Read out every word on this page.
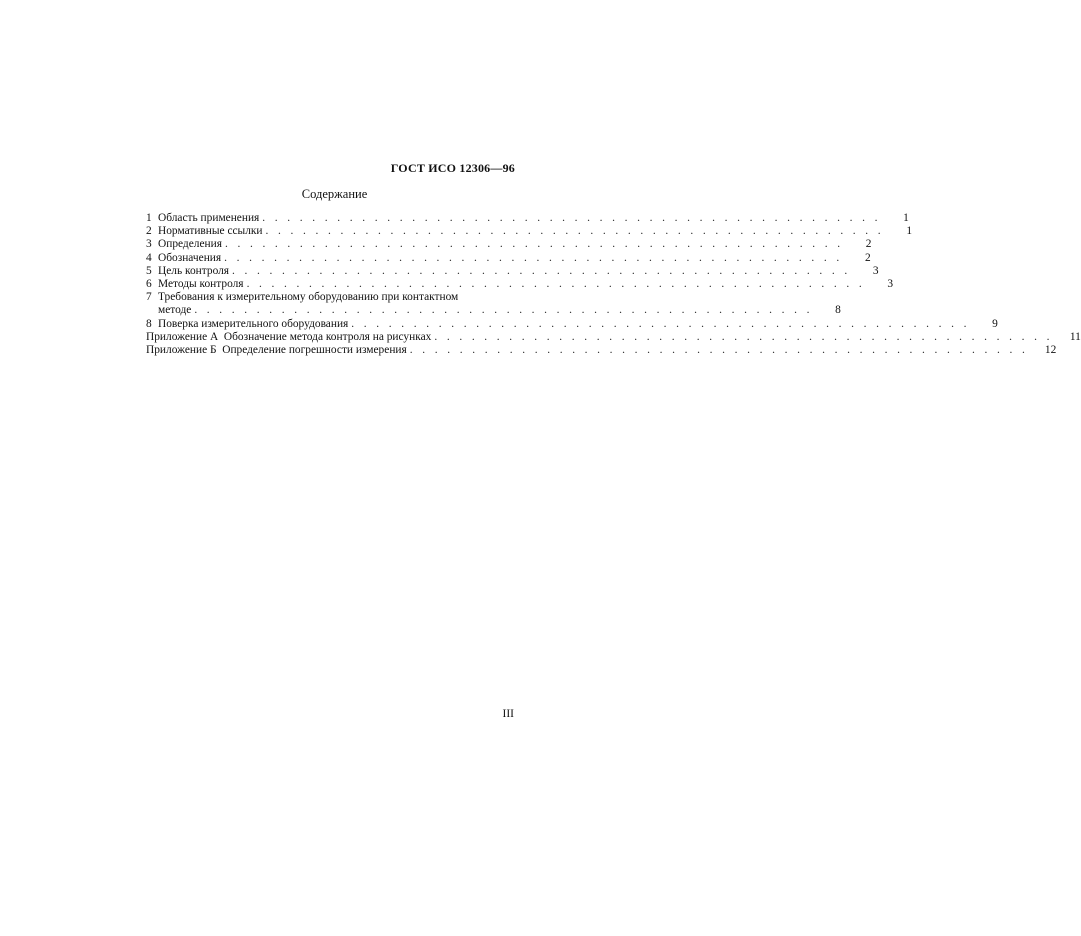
ГОСТ ИСО 12306—96
Содержание
1 Область применения . . . . . . . . . . . . . . . . . . . . . . . . . . . . . . . . . . . . . . . . . . . . . . . . . .	1
2 Нормативные ссылки . . . . . . . . . . . . . . . . . . . . . . . . . . . . . . . . . . . . . . . . . . . . . . . . . .	1
3 Определения . . . . . . . . . . . . . . . . . . . . . . . . . . . . . . . . . . . . . . . . . . . . . . . . . .	2
4 Обозначения . . . . . . . . . . . . . . . . . . . . . . . . . . . . . . . . . . . . . . . . . . . . . . . . . .	2
5 Цель контроля . . . . . . . . . . . . . . . . . . . . . . . . . . . . . . . . . . . . . . . . . . . . . . . . . .	3
6 Методы контроля . . . . . . . . . . . . . . . . . . . . . . . . . . . . . . . . . . . . . . . . . . . . . . . . . .	3
7 Требования к измерительному оборудованию при контактном
методе . . . . . . . . . . . . . . . . . . . . . . . . . . . . . . . . . . . . . . . . . . . . . . . . . .	8
8 Поверка измерительного оборудования . . . . . . . . . . . . . . . . . . . . . . . . . . . . . . . . . . . . . . . . . . . . . . . . . .	9
Приложение А  Обозначение метода контроля на рисунках . . . . . . . . . . . . . . . . . . . . . . . . . . . . . . . . . . . . . . . . . . . . . . . . . .	11
Приложение Б  Определение погрешности измерения . . . . . . . . . . . . . . . . . . . . . . . . . . . . . . . . . . . . . . . . . . . . . . . . . .	12
III
